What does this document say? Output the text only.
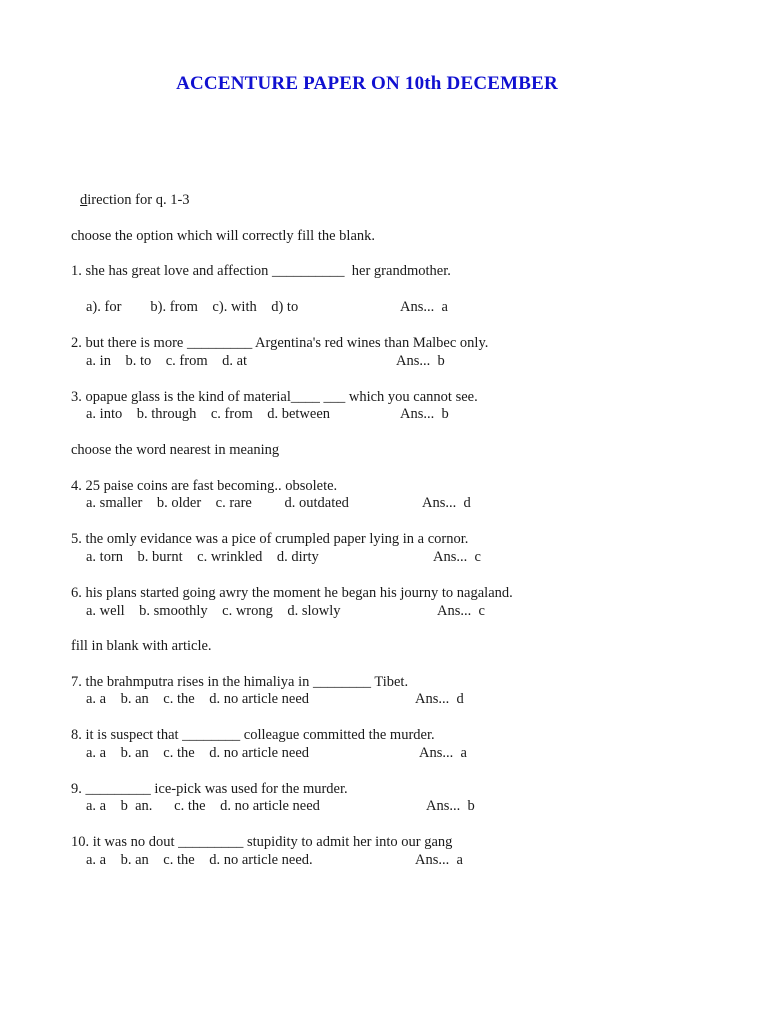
ACCENTURE PAPER ON 10th DECEMBER
direction for q. 1-3
choose the option which will correctly fill the blank.
1. she has great love and affection __________  her grandmother.
a). for        b). from    c). with    d) to	Ans...  a
2. but there is more _________ Argentina's red wines than Malbec only.
a. in    b. to    c. from    d. at	Ans...  b
3. opapue glass is the kind of material____ ___ which you cannot see.
a. into    b. through    c. from    d. between	Ans...  b
choose the word nearest in meaning
4. 25 paise coins are fast becoming.. obsolete.
a. smaller    b. older    c. rare         d. outdated	Ans...  d
5. the omly evidance was a pice of crumpled paper lying in a cornor.
a. torn    b. burnt    c. wrinkled    d. dirty	Ans...  c
6. his plans started going awry the moment he began his journy to nagaland.
a. well    b. smoothly    c. wrong    d. slowly	Ans...  c
fill in blank with article.
7. the brahmputra rises in the himaliya in ________ Tibet.
a. a    b. an    c. the    d. no article need	Ans...  d
8. it is suspect that ________ colleague committed the murder.
a. a    b. an    c. the    d. no article need	Ans...  a
9. _________ ice-pick was used for the murder.
a. a    b  an.      c. the    d. no article need	Ans...  b
10. it was no dout _________ stupidity to admit her into our gang
a. a    b. an    c. the    d. no article need.	Ans...  a
